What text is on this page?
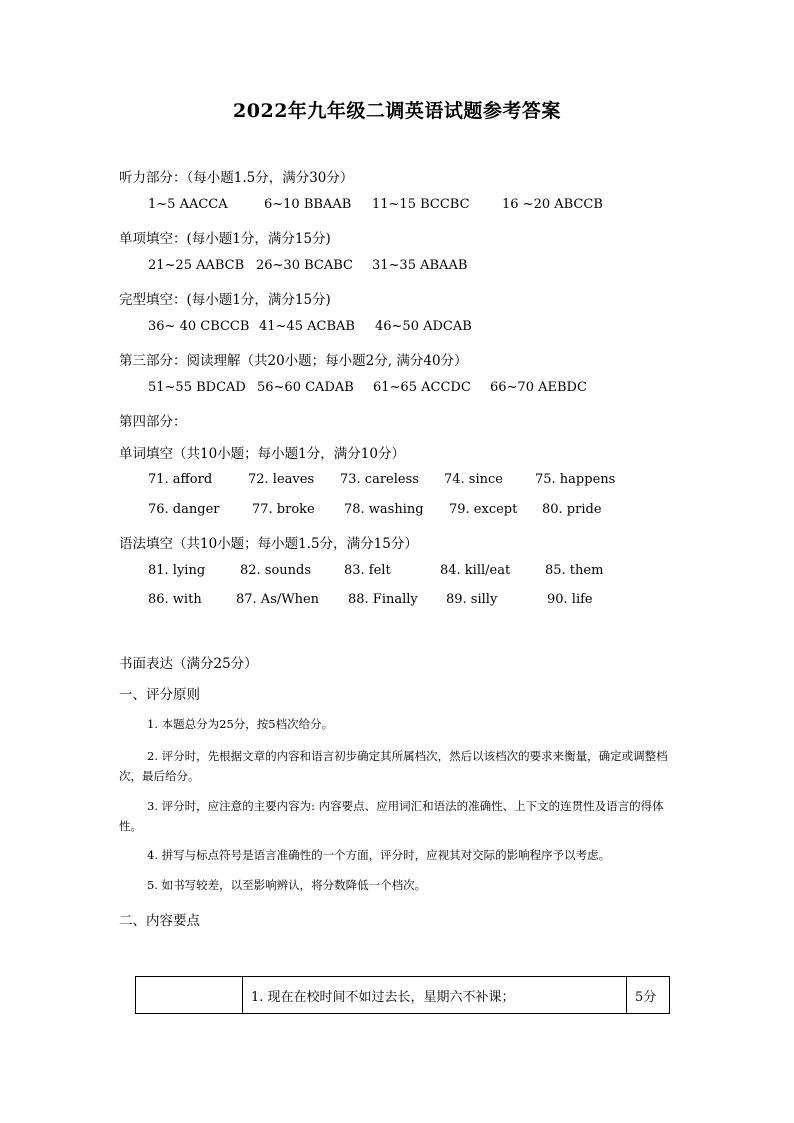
2022年九年级二调英语试题参考答案
听力部分：（每小题1.5分，满分30分）
1~5 AACCA	6~10 BBAAB 11~15 BCCBC 16 ~20 ABCCB
单项填空：(每小题1分，满分15分)
21~25 AABCB 26~30 BCABC 31~35 ABAAB
完型填空：(每小题1分，满分15分)
36~ 40 CBCCB 41~45 ACBAB 46~50 ADCAB
第三部分：阅读理解（共20小题；每小题2分, 满分40分）
51~55 BDCAD 56~60 CADAB 61~65 ACCDC 66~70 AEBDC
第四部分：
单词填空（共10小题；每小题1分，满分10分）
71. afford	72. leaves 73. careless 74. since 75. happens
76. danger	77. broke 78. washing 79. except 80. pride
语法填空（共10小题；每小题1.5分，满分15分）
81. lying	82. sounds	83. felt	84. kill/eat	85. them
86. with	87. As/When 88. Finally 89. silly	90. life
书面表达（满分25分）
一、评分原则
1. 本题总分为25分，按5档次给分。
2. 评分时，先根据文章的内容和语言初步确定其所属档次，然后以该档次的要求来衡量，确定或调整档次，最后给分。
3. 评分时，应注意的主要内容为: 内容要点、应用词汇和语法的准确性、上下文的连贯性及语言的得体性。
4. 拼写与标点符号是语言准确性的一个方面，评分时，应视其对交际的影响程序予以考虑。
5. 如书写较差，以至影响辨认，将分数降低一个档次。
二、内容要点
	1. 现在在校时间不如过去长，星期六不补课；	5分
